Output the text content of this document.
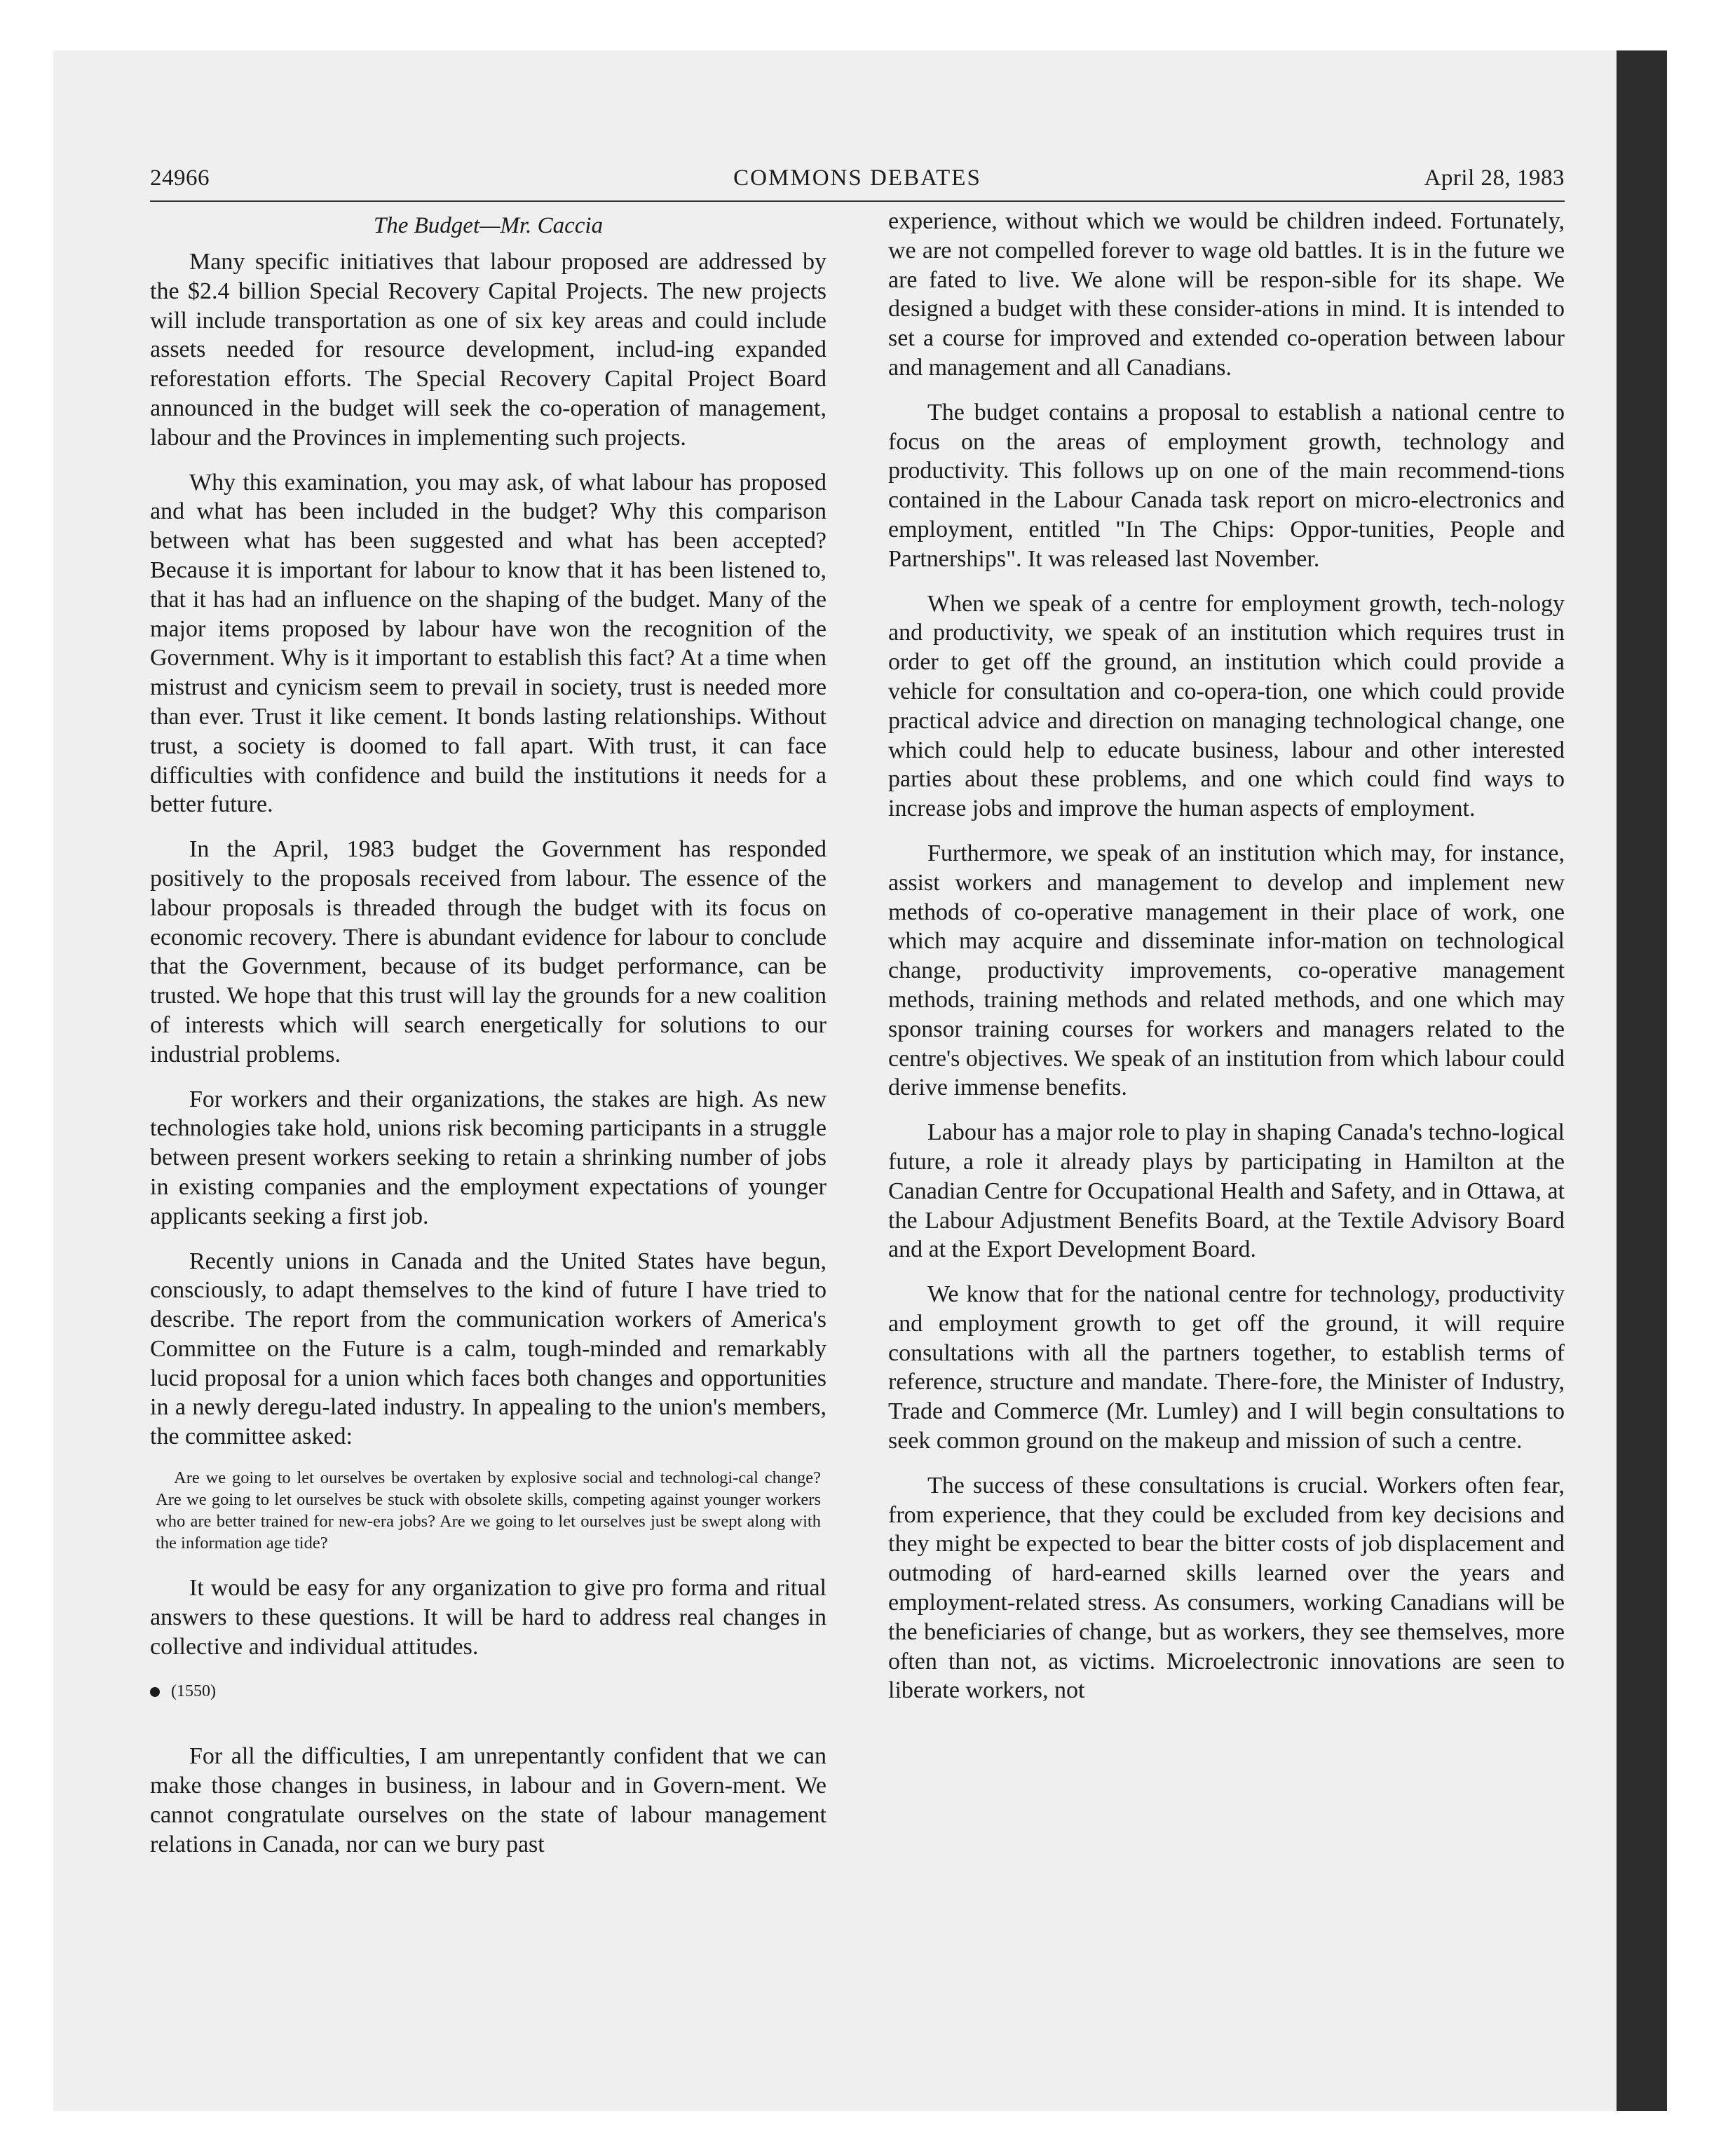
24966	COMMONS DEBATES	April 28, 1983
The Budget—Mr. Caccia

Many specific initiatives that labour proposed are addressed by the $2.4 billion Special Recovery Capital Projects. The new projects will include transportation as one of six key areas and could include assets needed for resource development, includ-ing expanded reforestation efforts. The Special Recovery Capital Project Board announced in the budget will seek the co-operation of management, labour and the Provinces in implementing such projects.

Why this examination, you may ask, of what labour has proposed and what has been included in the budget? Why this comparison between what has been suggested and what has been accepted? Because it is important for labour to know that it has been listened to, that it has had an influence on the shaping of the budget. Many of the major items proposed by labour have won the recognition of the Government. Why is it important to establish this fact? At a time when mistrust and cynicism seem to prevail in society, trust is needed more than ever. Trust it like cement. It bonds lasting relationships. Without trust, a society is doomed to fall apart. With trust, it can face difficulties with confidence and build the institutions it needs for a better future.

In the April, 1983 budget the Government has responded positively to the proposals received from labour. The essence of the labour proposals is threaded through the budget with its focus on economic recovery. There is abundant evidence for labour to conclude that the Government, because of its budget performance, can be trusted. We hope that this trust will lay the grounds for a new coalition of interests which will search energetically for solutions to our industrial problems.

For workers and their organizations, the stakes are high. As new technologies take hold, unions risk becoming participants in a struggle between present workers seeking to retain a shrinking number of jobs in existing companies and the employment expectations of younger applicants seeking a first job.

Recently unions in Canada and the United States have begun, consciously, to adapt themselves to the kind of future I have tried to describe. The report from the communication workers of America's Committee on the Future is a calm, tough-minded and remarkably lucid proposal for a union which faces both changes and opportunities in a newly deregu-lated industry. In appealing to the union's members, the committee asked:

Are we going to let ourselves be overtaken by explosive social and technologi-cal change? Are we going to let ourselves be stuck with obsolete skills, competing against younger workers who are better trained for new-era jobs? Are we going to let ourselves just be swept along with the information age tide?

It would be easy for any organization to give pro forma and ritual answers to these questions. It will be hard to address real changes in collective and individual attitudes.

(1550)

For all the difficulties, I am unrepentantly confident that we can make those changes in business, in labour and in Govern-ment. We cannot congratulate ourselves on the state of labour management relations in Canada, nor can we bury past

experience, without which we would be children indeed. Fortunately, we are not compelled forever to wage old battles. It is in the future we are fated to live. We alone will be respon-sible for its shape. We designed a budget with these consider-ations in mind. It is intended to set a course for improved and extended co-operation between labour and management and all Canadians.

The budget contains a proposal to establish a national centre to focus on the areas of employment growth, technology and productivity. This follows up on one of the main recommend-tions contained in the Labour Canada task report on micro-electronics and employment, entitled "In The Chips: Oppor-tunities, People and Partnerships". It was released last November.

When we speak of a centre for employment growth, tech-nology and productivity, we speak of an institution which requires trust in order to get off the ground, an institution which could provide a vehicle for consultation and co-opera-tion, one which could provide practical advice and direction on managing technological change, one which could help to educate business, labour and other interested parties about these problems, and one which could find ways to increase jobs and improve the human aspects of employment.

Furthermore, we speak of an institution which may, for instance, assist workers and management to develop and implement new methods of co-operative management in their place of work, one which may acquire and disseminate infor-mation on technological change, productivity improvements, co-operative management methods, training methods and related methods, and one which may sponsor training courses for workers and managers related to the centre's objectives. We speak of an institution from which labour could derive immense benefits.

Labour has a major role to play in shaping Canada's techno-logical future, a role it already plays by participating in Hamilton at the Canadian Centre for Occupational Health and Safety, and in Ottawa, at the Labour Adjustment Benefits Board, at the Textile Advisory Board and at the Export Development Board.

We know that for the national centre for technology, productivity and employment growth to get off the ground, it will require consultations with all the partners together, to establish terms of reference, structure and mandate. There-fore, the Minister of Industry, Trade and Commerce (Mr. Lumley) and I will begin consultations to seek common ground on the makeup and mission of such a centre.

The success of these consultations is crucial. Workers often fear, from experience, that they could be excluded from key decisions and they might be expected to bear the bitter costs of job displacement and outmoding of hard-earned skills learned over the years and employment-related stress. As consumers, working Canadians will be the beneficiaries of change, but as workers, they see themselves, more often than not, as victims. Microelectronic innovations are seen to liberate workers, not
